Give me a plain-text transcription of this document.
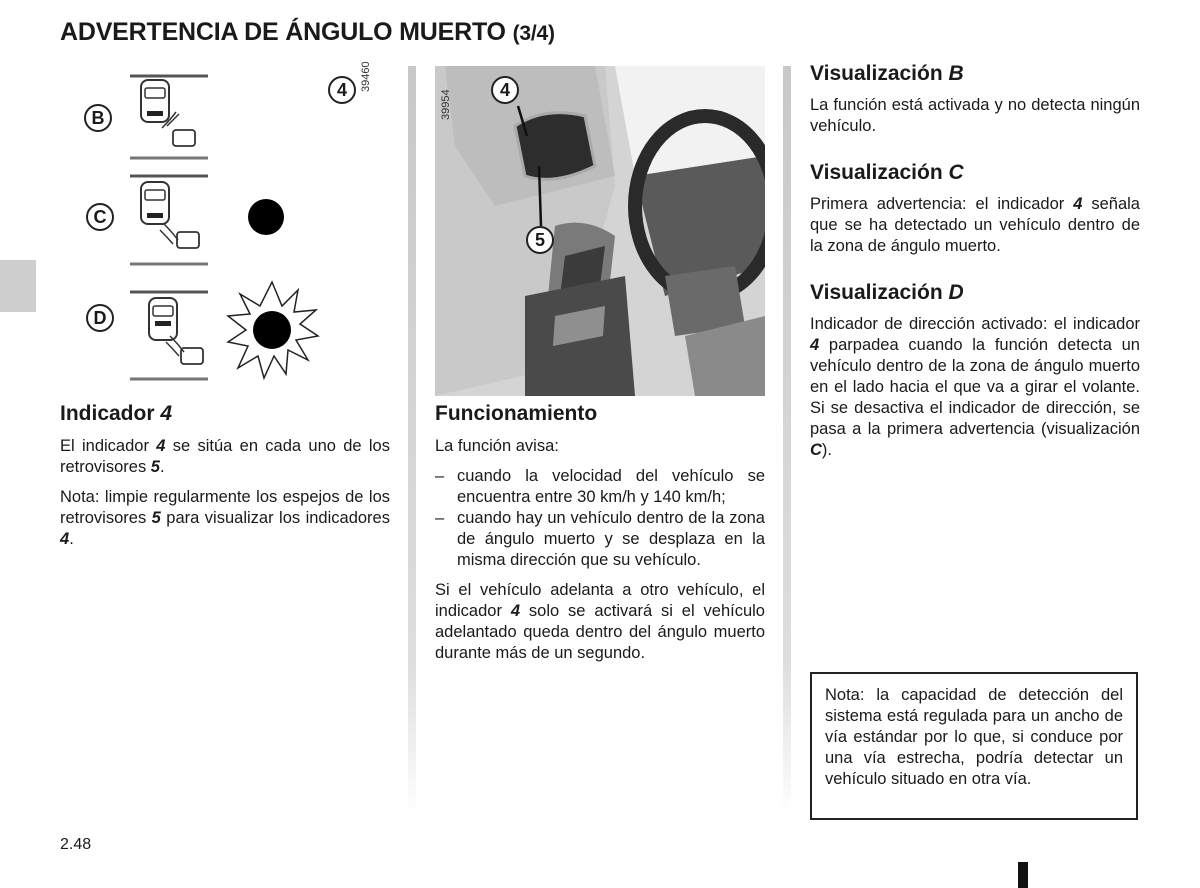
ADVERTENCIA DE ÁNGULO MUERTO (3/4)
B
C
D
4	39460	4
5
39954
Indicador 4

El indicador 4 se sitúa en cada uno de los retrovisores 5.

Nota: limpie regularmente los espejos de los retrovisores 5 para visualizar los indicadores 4.

Funcionamiento

La función avisa:

– cuando la velocidad del vehículo se encuentra entre 30 km/h y 140 km/h;
– cuando hay un vehículo dentro de la zona de ángulo muerto y se desplaza en la misma dirección que su vehículo.

Si el vehículo adelanta a otro vehículo, el indicador 4 solo se activará si el vehículo adelantado queda dentro del ángulo muerto durante más de un segundo.

Visualización B

La función está activada y no detecta ningún vehículo.

Visualización C

Primera advertencia: el indicador 4 señala que se ha detectado un vehículo dentro de la zona de ángulo muerto.

Visualización D

Indicador de dirección activado: el indicador 4 parpadea cuando la función detecta un vehículo dentro de la zona de ángulo muerto en el lado hacia el que va a girar el volante. Si se desactiva el indicador de dirección, se pasa a la primera advertencia (visualización C).

Nota: la capacidad de detección del sistema está regulada para un ancho de vía estándar por lo que, si conduce por una vía estrecha, podría detectar un vehículo situado en otra vía.
2.48
